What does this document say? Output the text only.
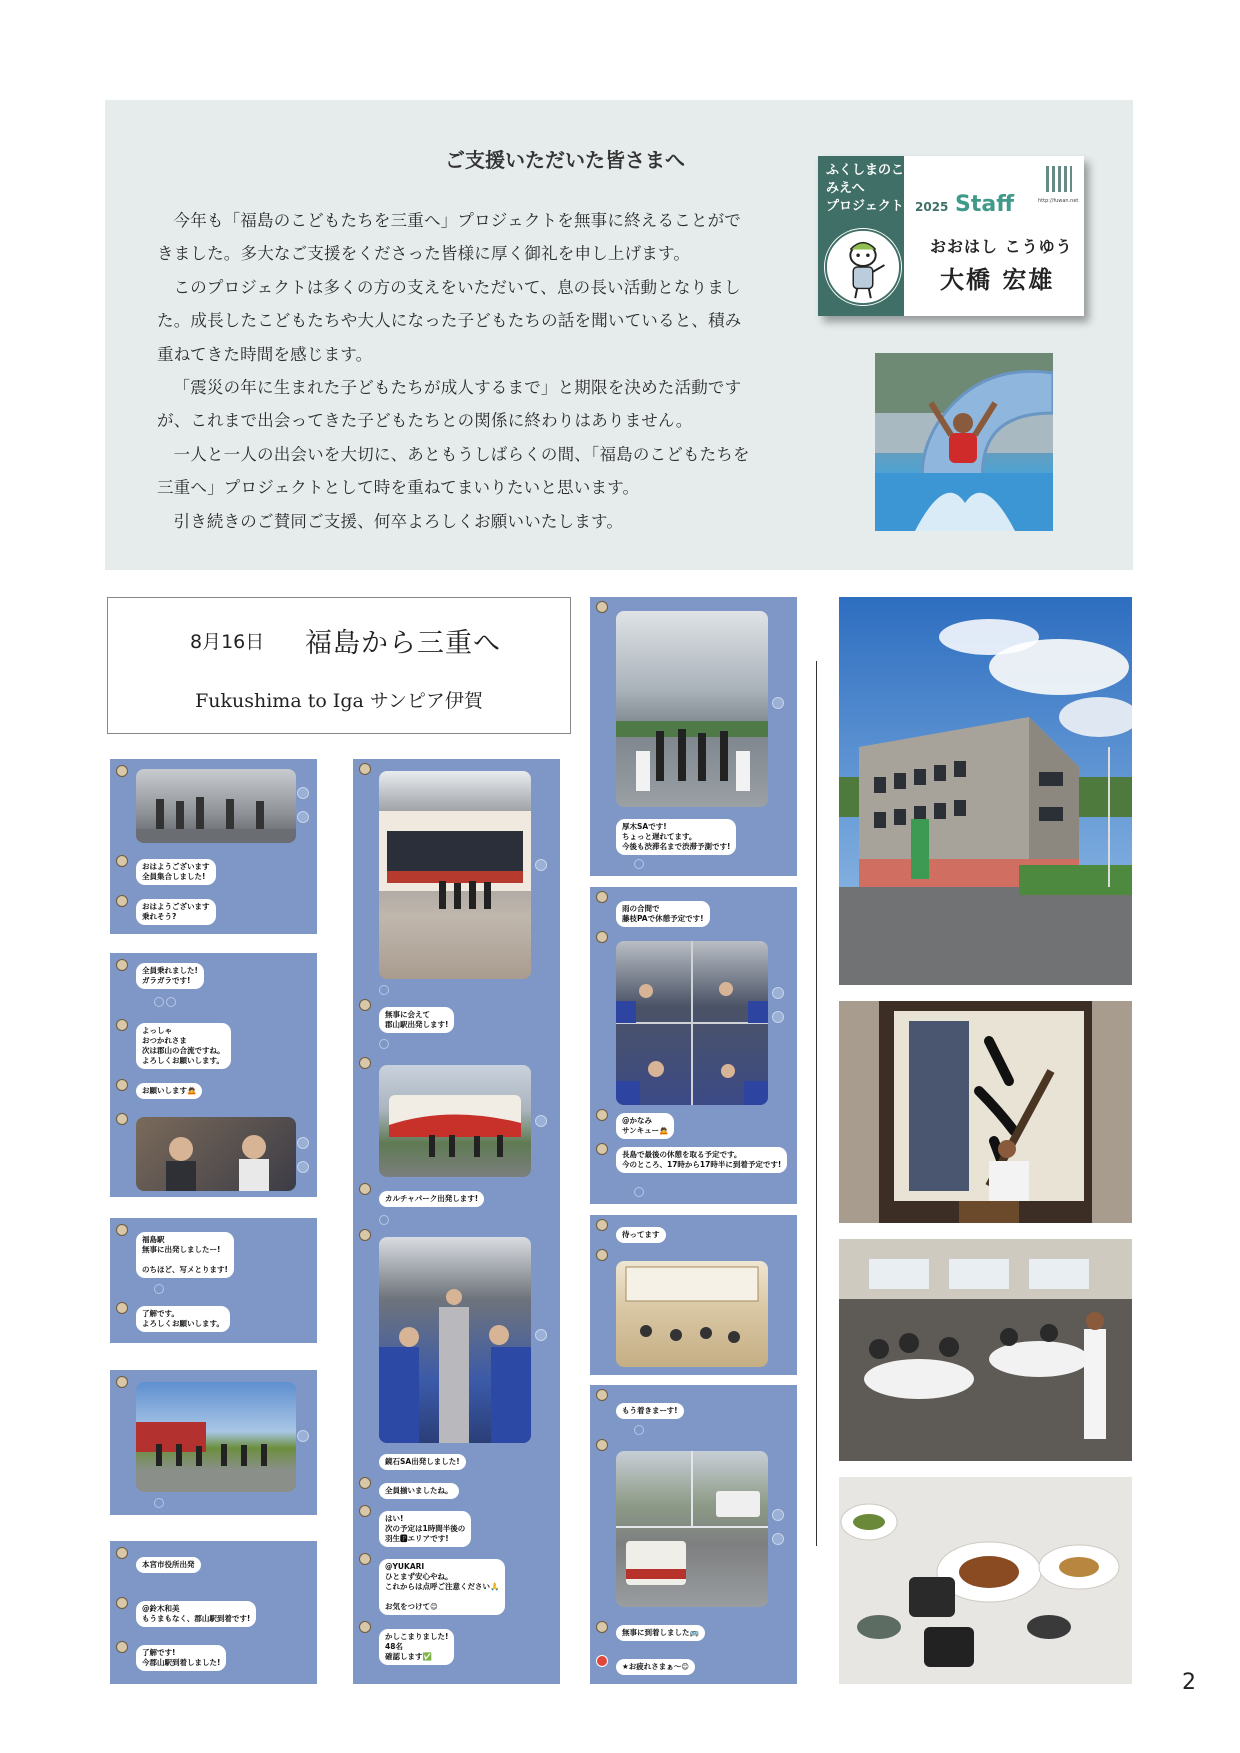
ご支援いただいた皆さまへ

今年も「福島のこどもたちを三重へ」プロジェクトを無事に終えることができました。多大なご支援をくださった皆様に厚く御礼を申し上げます。

このプロジェクトは多くの方の支えをいただいて、息の長い活動となりました。成長したこどもたちや大人になった子どもたちの話を聞いていると、積み重ねてきた時間を感じます。

「震災の年に生まれた子どもたちが成人するまで」と期限を決めた活動ですが、これまで出会ってきた子どもたちとの関係に終わりはありません。

一人と一人の出会いを大切に、あともうしばらくの間、「福島のこどもたちを三重へ」プロジェクトとして時を重ねてまいりたいと思います。

引き続きのご賛同ご支援、何卒よろしくお願いいたします。

ふくしまのこどもたちを
みえへ
プロジェクト	http://fuwan.net
2025 Staff
おおはし こうゆう
大橋 宏雄
8月16日 福島から三重へ
Fukushima to Iga サンピア伊賀
おはようございます
全員集合しました!
おはようございます
乗れそう?
全員乗れました!
ガラガラです!
よっしゃ
おつかれさま
次は郡山の合流ですね。
よろしくお願いします。
お願いします🙇
福島駅
無事に出発しましたー!

のちほど、写メとります!
了解です。
よろしくお願いします。
本宮市役所出発
@鈴木和美
もうまもなく、郡山駅到着です!
了解です!
今郡山駅到着しました!
無事に会えて
郡山駅出発します!
カルチャパーク出発します!
鏡石SA出発しました!
全員揃いましたね。
はい!
次の予定は1時間半後の
羽生🅿エリアです!
@YUKARI
ひとまず安心やね。
これからは点呼ご注意ください🙏

お気をつけて😊
かしこまりました!
48名
確認します✅
厚木SAです!
ちょっと遅れてます。
今後も渋滞名まで渋滞予測です!
雨の合間で
藤枝PAで休憩予定です!
@かなみ
サンキュー🙇
長島で最後の休憩を取る予定です。
今のところ、17時から17時半に到着予定です!
待ってます
もう着きまーす!
無事に到着しました🚌
★お疲れさまぁ〜😊
2
